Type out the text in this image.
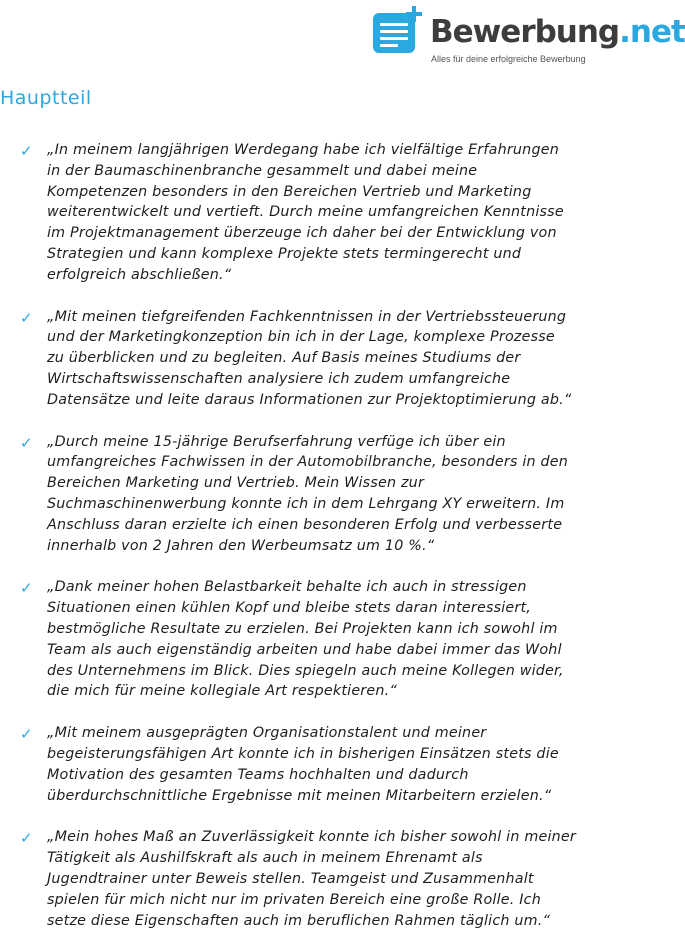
Bewerbung.net
Alles für deine erfolgreiche Bewerbung
Hauptteil
✓ „In meinem langjährigen Werdegang habe ich vielfältige Erfahrungen
in der Baumaschinenbranche gesammelt und dabei meine
Kompetenzen besonders in den Bereichen Vertrieb und Marketing
weiterentwickelt und vertieft. Durch meine umfangreichen Kenntnisse
im Projektmanagement überzeuge ich daher bei der Entwicklung von
Strategien und kann komplexe Projekte stets termingerecht und
erfolgreich abschließen.“
✓ „Mit meinen tiefgreifenden Fachkenntnissen in der Vertriebssteuerung
und der Marketingkonzeption bin ich in der Lage, komplexe Prozesse
zu überblicken und zu begleiten. Auf Basis meines Studiums der
Wirtschaftswissenschaften analysiere ich zudem umfangreiche
Datensätze und leite daraus Informationen zur Projektoptimierung ab.“
✓ „Durch meine 15-jährige Berufserfahrung verfüge ich über ein
umfangreiches Fachwissen in der Automobilbranche, besonders in den
Bereichen Marketing und Vertrieb. Mein Wissen zur
Suchmaschinenwerbung konnte ich in dem Lehrgang XY erweitern. Im
Anschluss daran erzielte ich einen besonderen Erfolg und verbesserte
innerhalb von 2 Jahren den Werbeumsatz um 10 %.“
✓ „Dank meiner hohen Belastbarkeit behalte ich auch in stressigen
Situationen einen kühlen Kopf und bleibe stets daran interessiert,
bestmögliche Resultate zu erzielen. Bei Projekten kann ich sowohl im
Team als auch eigenständig arbeiten und habe dabei immer das Wohl
des Unternehmens im Blick. Dies spiegeln auch meine Kollegen wider,
die mich für meine kollegiale Art respektieren.“
✓ „Mit meinem ausgeprägten Organisationstalent und meiner
begeisterungsfähigen Art konnte ich in bisherigen Einsätzen stets die
Motivation des gesamten Teams hochhalten und dadurch
überdurchschnittliche Ergebnisse mit meinen Mitarbeitern erzielen.“
✓ „Mein hohes Maß an Zuverlässigkeit konnte ich bisher sowohl in meiner
Tätigkeit als Aushilfskraft als auch in meinem Ehrenamt als
Jugendtrainer unter Beweis stellen. Teamgeist und Zusammenhalt
spielen für mich nicht nur im privaten Bereich eine große Rolle. Ich
setze diese Eigenschaften auch im beruflichen Rahmen täglich um.“
